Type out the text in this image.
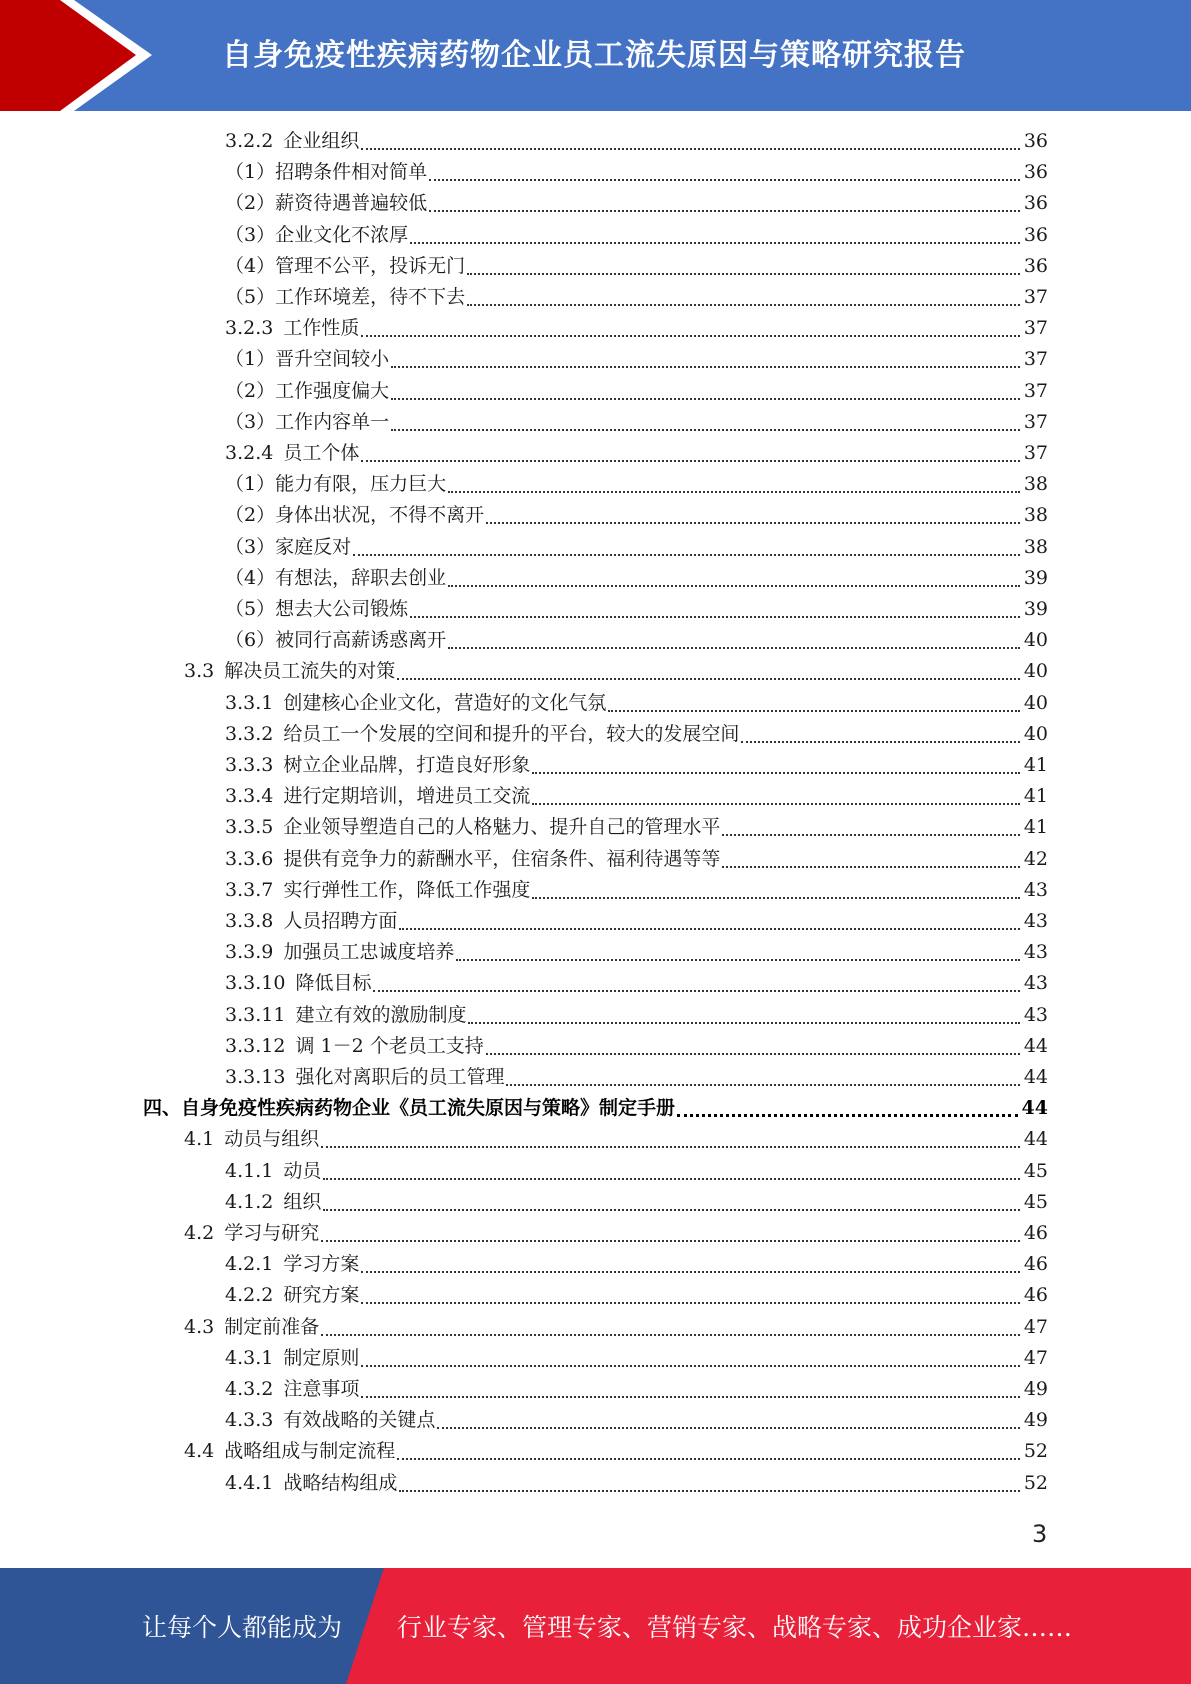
自身免疫性疾病药物企业员工流失原因与策略研究报告
3.2.2 企业组织	36
（1）招聘条件相对简单	36
（2）薪资待遇普遍较低	36
（3）企业文化不浓厚	36
（4）管理不公平，投诉无门	36
（5）工作环境差，待不下去	37
3.2.3 工作性质	37
（1）晋升空间较小	37
（2）工作强度偏大	37
（3）工作内容单一	37
3.2.4 员工个体	37
（1）能力有限，压力巨大	38
（2）身体出状况，不得不离开	38
（3）家庭反对	38
（4）有想法，辞职去创业	39
（5）想去大公司锻炼	39
（6）被同行高薪诱惑离开	40
3.3 解决员工流失的对策	40
3.3.1 创建核心企业文化，营造好的文化气氛	40
3.3.2 给员工一个发展的空间和提升的平台，较大的发展空间	40
3.3.3 树立企业品牌，打造良好形象	41
3.3.4 进行定期培训，增进员工交流	41
3.3.5 企业领导塑造自己的人格魅力、提升自己的管理水平	41
3.3.6 提供有竞争力的薪酬水平，住宿条件、福利待遇等等	42
3.3.7 实行弹性工作，降低工作强度	43
3.3.8 人员招聘方面	43
3.3.9 加强员工忠诚度培养	43
3.3.10 降低目标	43
3.3.11 建立有效的激励制度	43
3.3.12 调 1－2 个老员工支持	44
3.3.13 强化对离职后的员工管理	44
四、自身免疫性疾病药物企业《员工流失原因与策略》制定手册	44
4.1 动员与组织	44
4.1.1 动员	45
4.1.2 组织	45
4.2 学习与研究	46
4.2.1 学习方案	46
4.2.2 研究方案	46
4.3 制定前准备	47
4.3.1 制定原则	47
4.3.2 注意事项	49
4.3.3 有效战略的关键点	49
4.4 战略组成与制定流程	52
4.4.1 战略结构组成	52
3
让每个人都能成为 行业专家、管理专家、营销专家、战略专家、成功企业家……
